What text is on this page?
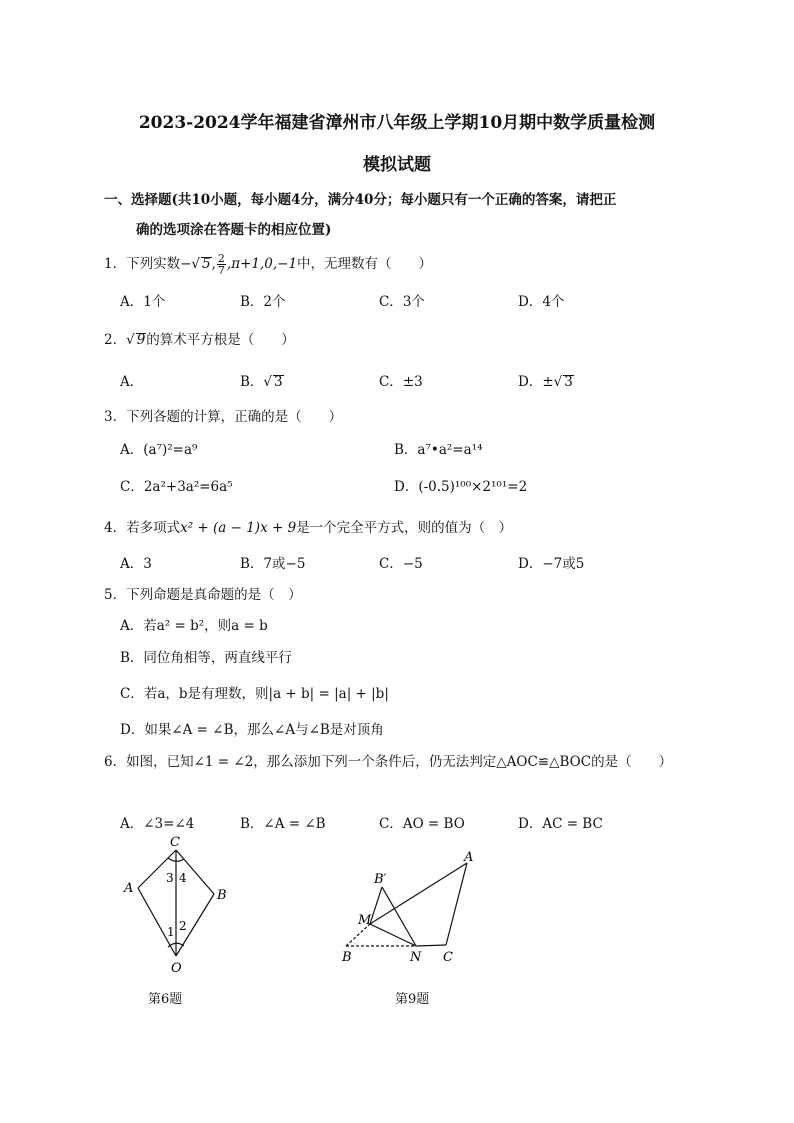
2023-2024学年福建省漳州市八年级上学期10月期中数学质量检测
模拟试题
一、选择题(共10小题，每小题4分，满分40分；每小题只有一个正确的答案，请把正
确的选项涂在答题卡的相应位置)
1．下列实数−√ 5, $\frac{2}{7} ,\pi+1,0,-1$中，无理数有（　　）
A．1个	B．2个	C．3个	D．4个
2．√ 9的算术平方根是（　　）
A．	B．√ 3	C．±3	D．±√ 3
3．下列各题的计算，正确的是（　　）
A．(a⁷)²=a⁹	B．a⁷•a²=a¹⁴
C．2a²+3a²=6a⁵	D．(-0.5)¹⁰⁰×2¹⁰¹=2
4．若多项式x² + (a − 1)x + 9是一个完全平方式，则的值为（　）
A．3	B．7或−5	C．−5	D．−7或5
5．下列命题是真命题的是（　）
A．若a² = b²，则a = b
B．同位角相等，两直线平行
C．若a，b是有理数，则|a + b| = |a| + |b|
D．如果∠A = ∠B，那么∠A与∠B是对顶角
6．如图，已知∠1 = ∠2，那么添加下列一个条件后，仍无法判定△AOC≌△BOC的是（　　）
A．∠3=∠4	B．∠A = ∠B	C．AO = BO	D．AC = BC
C
A	B
O
3 4
1 2
第6题
A
B′
M
B	N C
第9题
